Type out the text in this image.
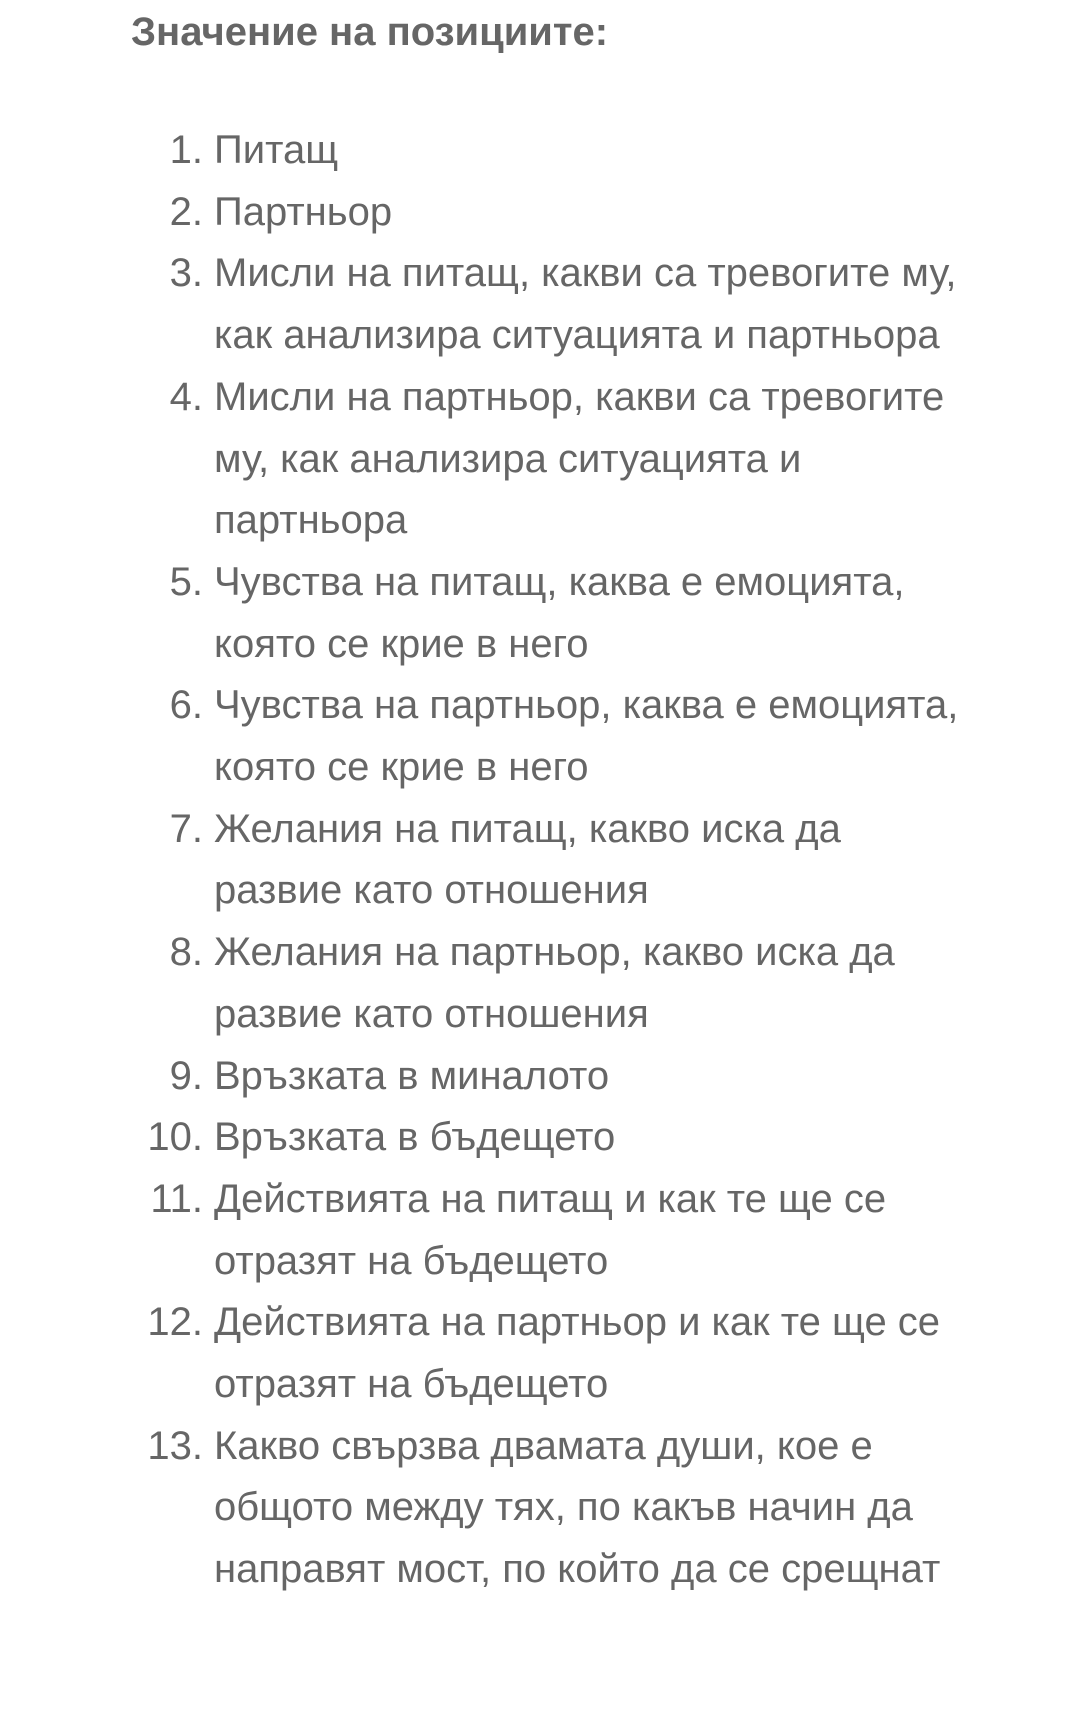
Значение на позициите:
1. Питащ
2. Партньор
3. Мисли на питащ, какви са тревогите му, как анализира ситуацията и партньора
4. Мисли на партньор, какви са тревогите му, как анализира ситуацията и партньора
5. Чувства на питащ, каква е емоцията, която се крие в него
6. Чувства на партньор, каква е емоцията, която се крие в него
7. Желания на питащ, какво иска да развие като отношения
8. Желания на партньор, какво иска да развие като отношения
9. Връзката в миналото
10. Връзката в бъдещето
11. Действията на питащ и как те ще се отразят на бъдещето
12. Действията на партньор и как те ще се отразят на бъдещето
13. Какво свързва двамата души, кое е общото между тях, по какъв начин да направят мост, по който да се срещнат
